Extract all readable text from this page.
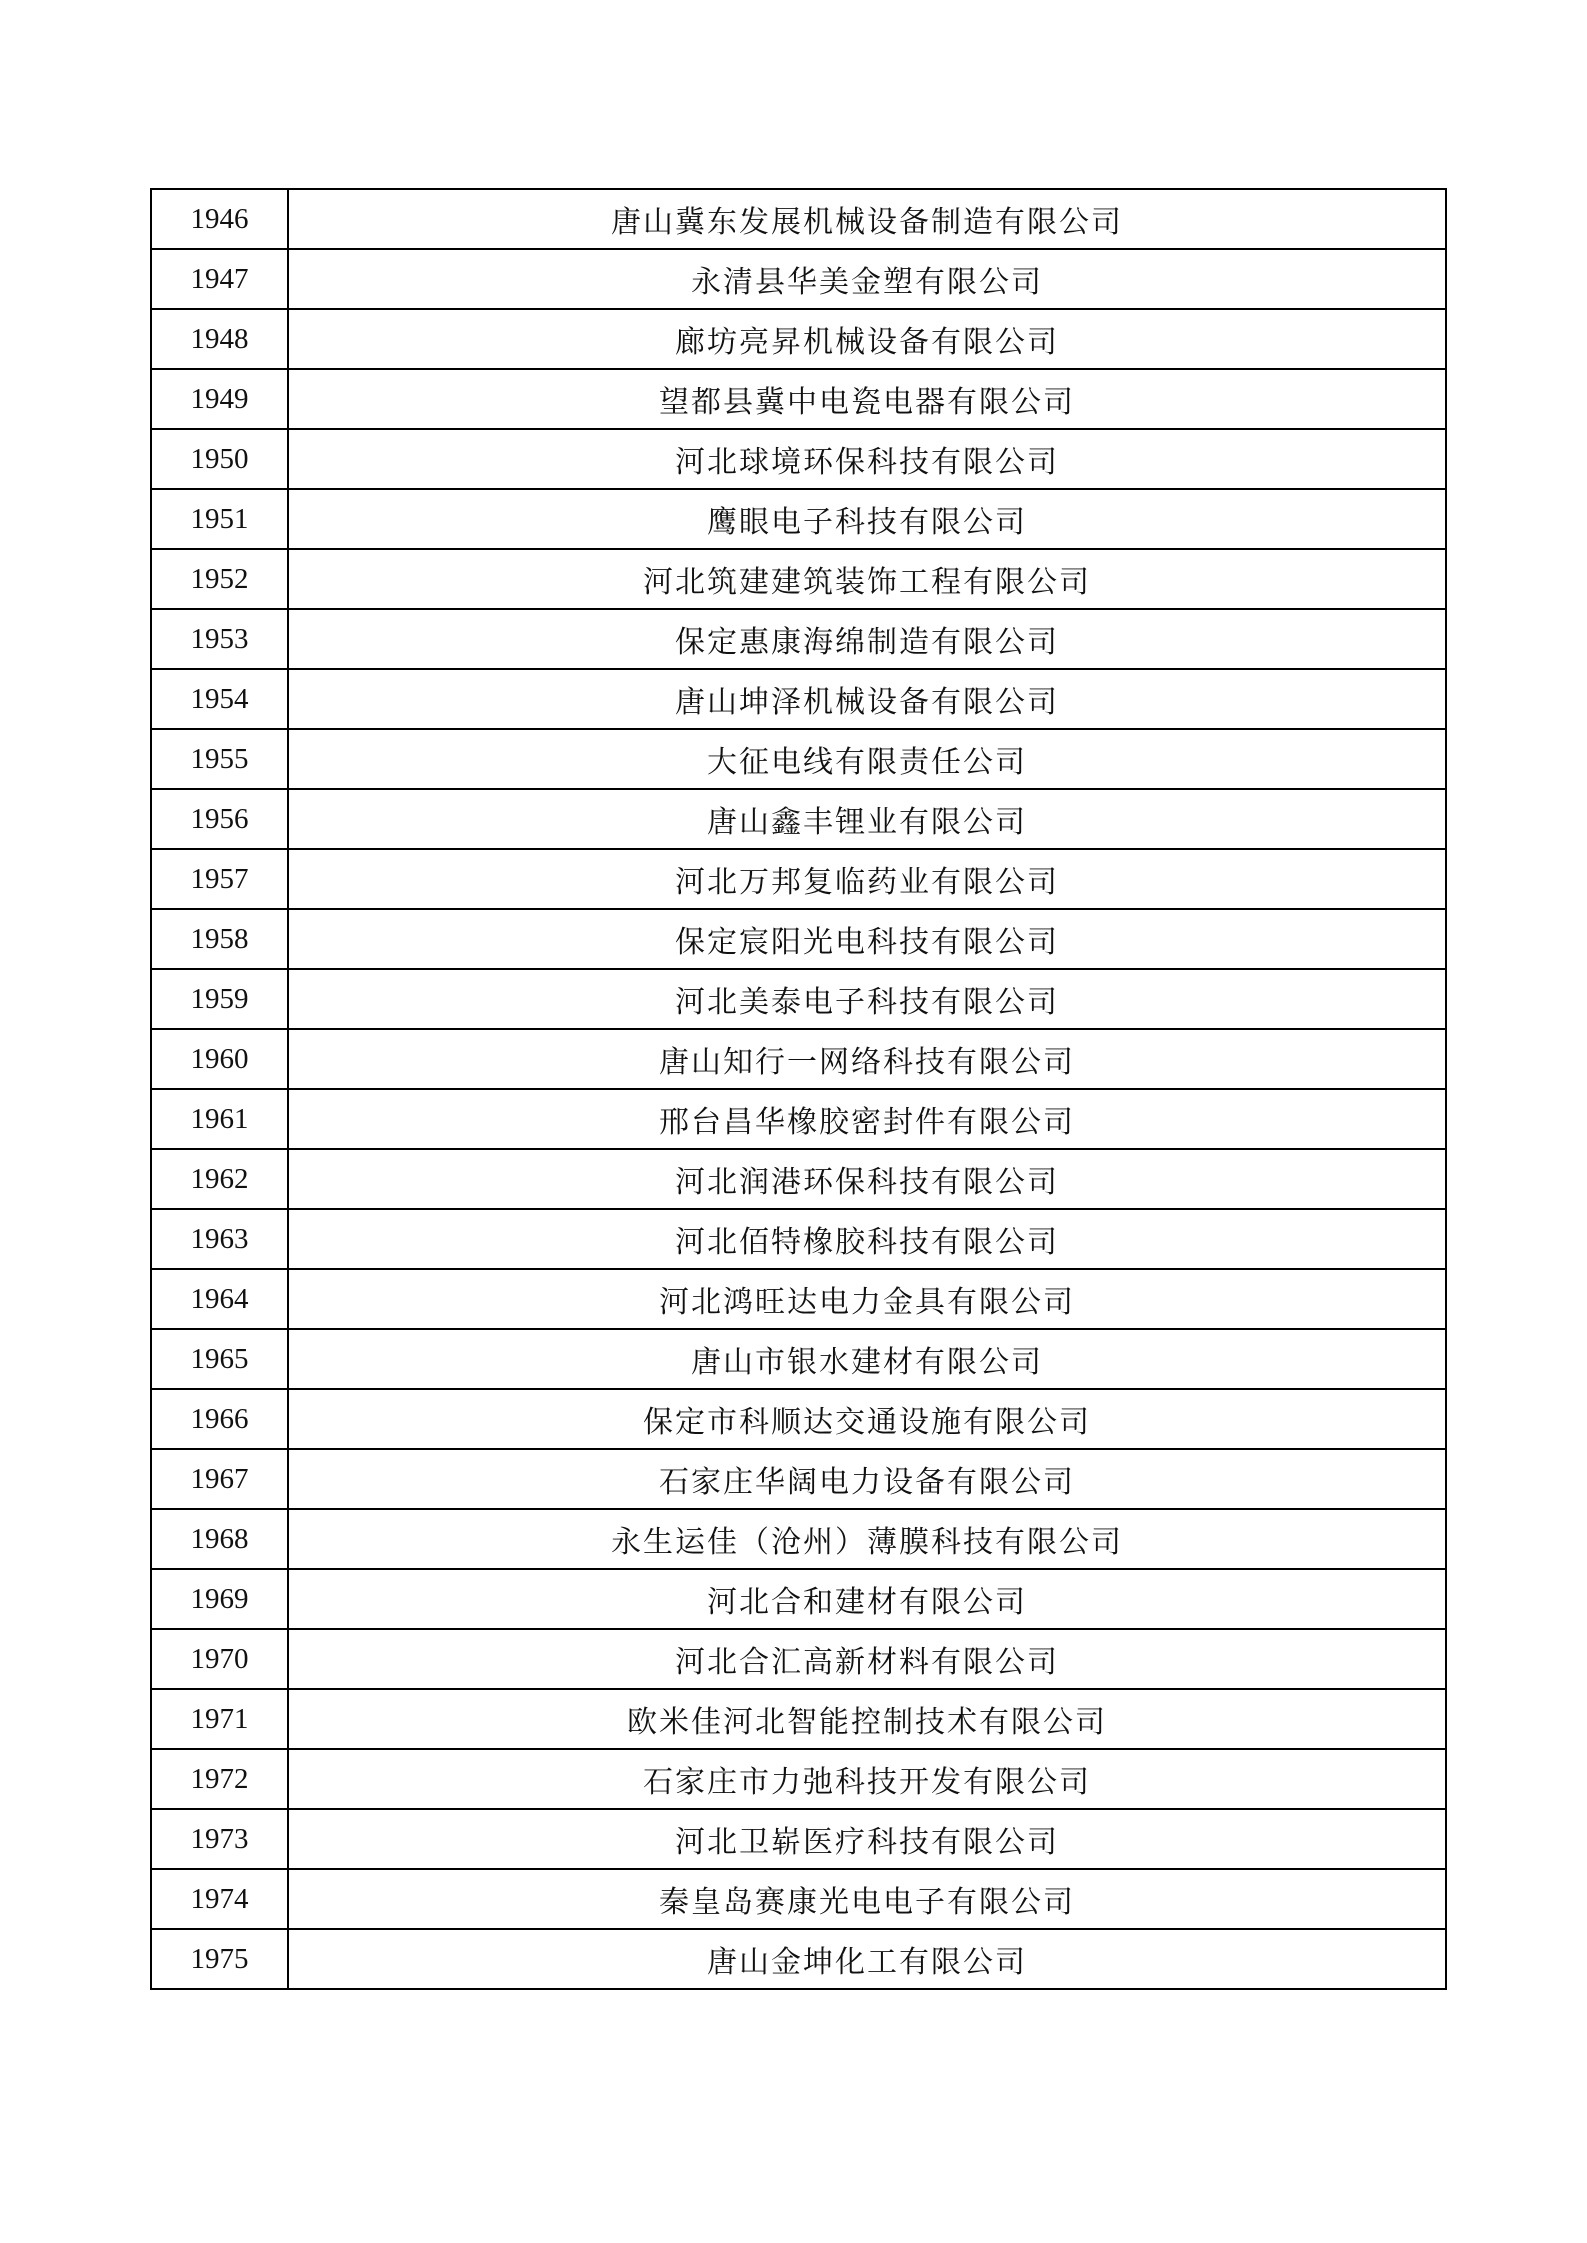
1946	唐山冀东发展机械设备制造有限公司
1947	永清县华美金塑有限公司
1948	廊坊亮昇机械设备有限公司
1949	望都县冀中电瓷电器有限公司
1950	河北球境环保科技有限公司
1951	鹰眼电子科技有限公司
1952	河北筑建建筑装饰工程有限公司
1953	保定惠康海绵制造有限公司
1954	唐山坤泽机械设备有限公司
1955	大征电线有限责任公司
1956	唐山鑫丰锂业有限公司
1957	河北万邦复临药业有限公司
1958	保定宸阳光电科技有限公司
1959	河北美泰电子科技有限公司
1960	唐山知行一网络科技有限公司
1961	邢台昌华橡胶密封件有限公司
1962	河北润港环保科技有限公司
1963	河北佰特橡胶科技有限公司
1964	河北鸿旺达电力金具有限公司
1965	唐山市银水建材有限公司
1966	保定市科顺达交通设施有限公司
1967	石家庄华阔电力设备有限公司
1968	永生运佳（沧州）薄膜科技有限公司
1969	河北合和建材有限公司
1970	河北合汇高新材料有限公司
1971	欧米佳河北智能控制技术有限公司
1972	石家庄市力弛科技开发有限公司
1973	河北卫崭医疗科技有限公司
1974	秦皇岛赛康光电电子有限公司
1975	唐山金坤化工有限公司
